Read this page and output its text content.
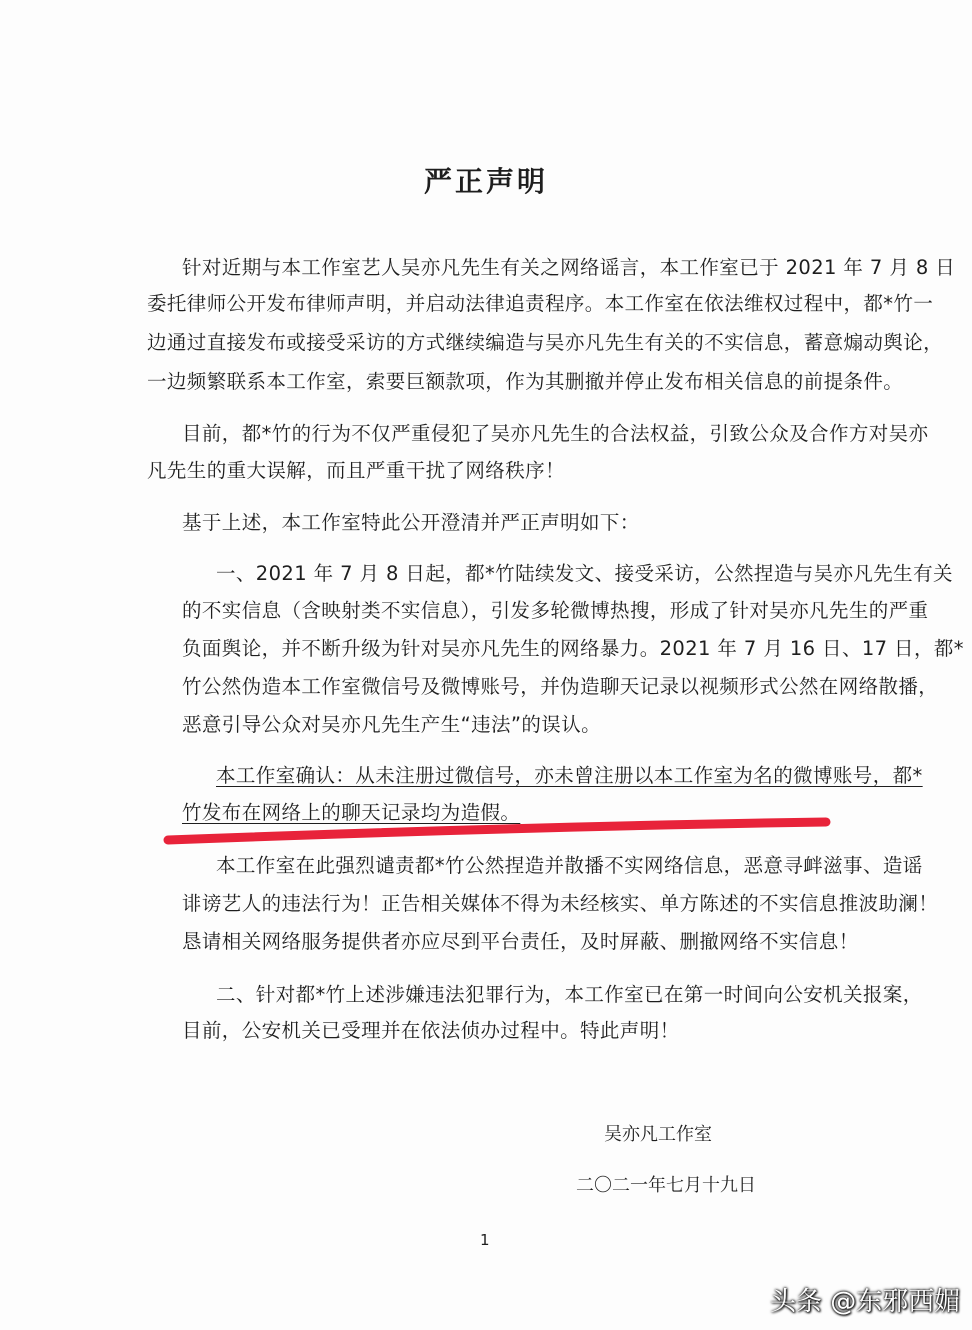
严正声明
针对近期与本工作室艺人吴亦凡先生有关之网络谣言，本工作室已于 2021 年 7 月 8 日
委托律师公开发布律师声明，并启动法律追责程序。本工作室在依法维权过程中，都*竹一
边通过直接发布或接受采访的方式继续编造与吴亦凡先生有关的不实信息，蓄意煽动舆论，
一边频繁联系本工作室，索要巨额款项，作为其删撤并停止发布相关信息的前提条件。
目前，都*竹的行为不仅严重侵犯了吴亦凡先生的合法权益，引致公众及合作方对吴亦
凡先生的重大误解，而且严重干扰了网络秩序！
基于上述，本工作室特此公开澄清并严正声明如下：
一、2021 年 7 月 8 日起，都*竹陆续发文、接受采访，公然捏造与吴亦凡先生有关
的不实信息（含映射类不实信息），引发多轮微博热搜，形成了针对吴亦凡先生的严重
负面舆论，并不断升级为针对吴亦凡先生的网络暴力。2021 年 7 月 16 日、17 日，都*
竹公然伪造本工作室微信号及微博账号，并伪造聊天记录以视频形式公然在网络散播，
恶意引导公众对吴亦凡先生产生“违法”的误认。
本工作室确认：从未注册过微信号，亦未曾注册以本工作室为名的微博账号，都*
竹发布在网络上的聊天记录均为造假。
本工作室在此强烈谴责都*竹公然捏造并散播不实网络信息，恶意寻衅滋事、造谣
诽谤艺人的违法行为！正告相关媒体不得为未经核实、单方陈述的不实信息推波助澜！
恳请相关网络服务提供者亦应尽到平台责任，及时屏蔽、删撤网络不实信息！
二、针对都*竹上述涉嫌违法犯罪行为，本工作室已在第一时间向公安机关报案，
目前，公安机关已受理并在依法侦办过程中。特此声明！
吴亦凡工作室
二〇二一年七月十九日
1
头条 @东邪西媚
